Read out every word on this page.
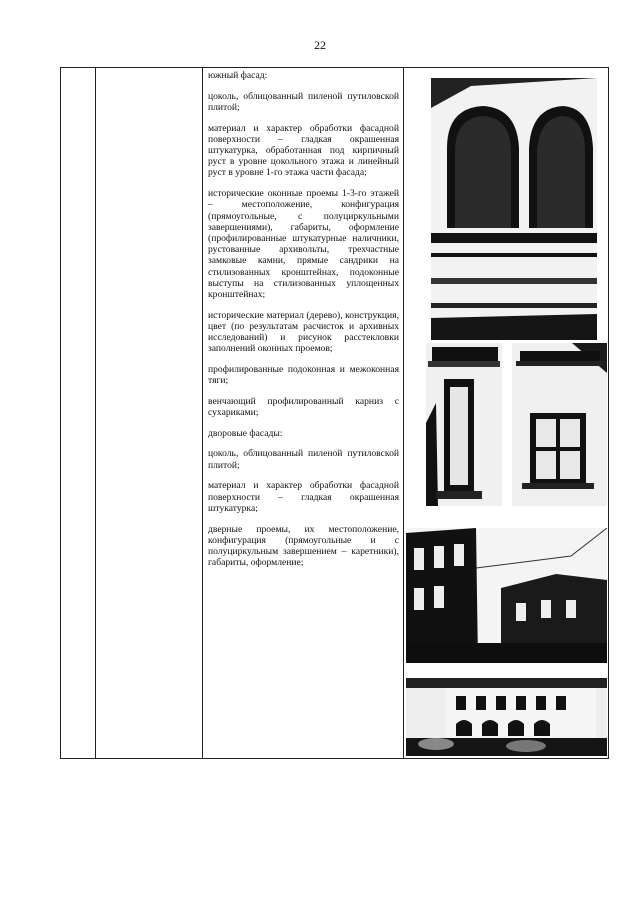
22

южный фасад:

цоколь, облицованный пиленой путиловской плитой;

материал и характер обработки фасадной поверхности – гладкая окрашенная штукатурка, обработанная под кирпичный руст в уровне цокольного этажа и линейный руст в уровне 1-го этажа части фасада;

исторические оконные проемы 1-3-го этажей – местоположение, конфигурация (прямоугольные, с полуциркульными завершениями), габариты, оформление (профилированные штукатурные наличники, рустованные архивольты, трехчастные замковые камни, прямые сандрики на стилизованных кронштейнах, подоконные выступы на стилизованных уплощенных кронштейнах;

исторические материал (дерево), конструкция, цвет (по результатам расчисток и архивных исследований) и рисунок расстекловки заполнений оконных проемов;

профилированные подоконная и межоконная тяги;

венчающий профилированный карниз с сухариками;

дворовые фасады:

цоколь, облицованный пиленой путиловской плитой;

материал и характер обработки фасадной поверхности – гладкая окрашенная штукатурка;

дверные проемы, их местоположение, конфигурация (прямоугольные и с полуциркульным завершением – каретники), габариты, оформление;
